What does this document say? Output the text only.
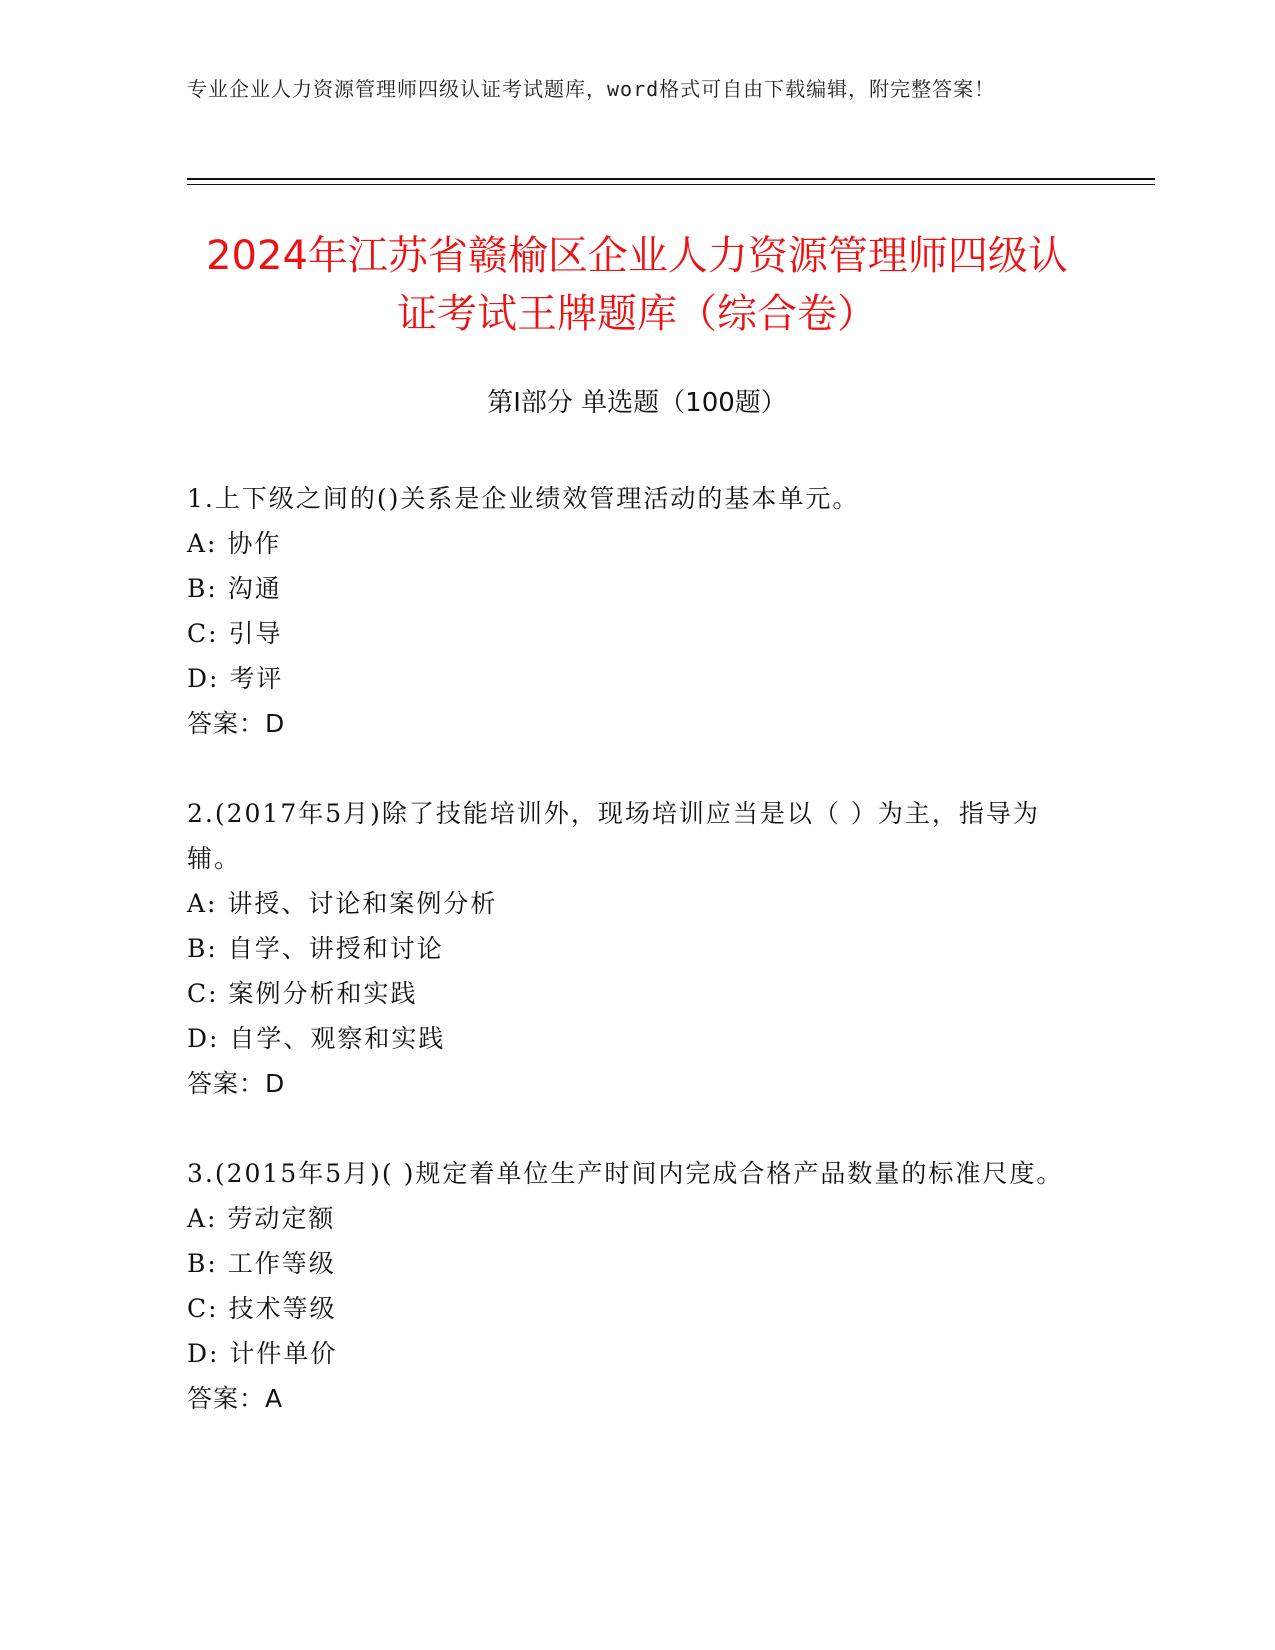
专业企业人力资源管理师四级认证考试题库，word格式可自由下载编辑，附完整答案！
2024年江苏省赣榆区企业人力资源管理师四级认证考试王牌题库（综合卷）
第Ⅰ部分 单选题（100题）

1.上下级之间的()关系是企业绩效管理活动的基本单元。

A: 协作

B: 沟通

C: 引导

D: 考评

答案：D

2.(2017年5月)除了技能培训外，现场培训应当是以（ ）为主，指导为辅。

A: 讲授、讨论和案例分析

B: 自学、讲授和讨论

C: 案例分析和实践

D: 自学、观察和实践

答案：D

3.(2015年5月)( )规定着单位生产时间内完成合格产品数量的标准尺度。

A: 劳动定额

B: 工作等级

C: 技术等级

D: 计件单价

答案：A
